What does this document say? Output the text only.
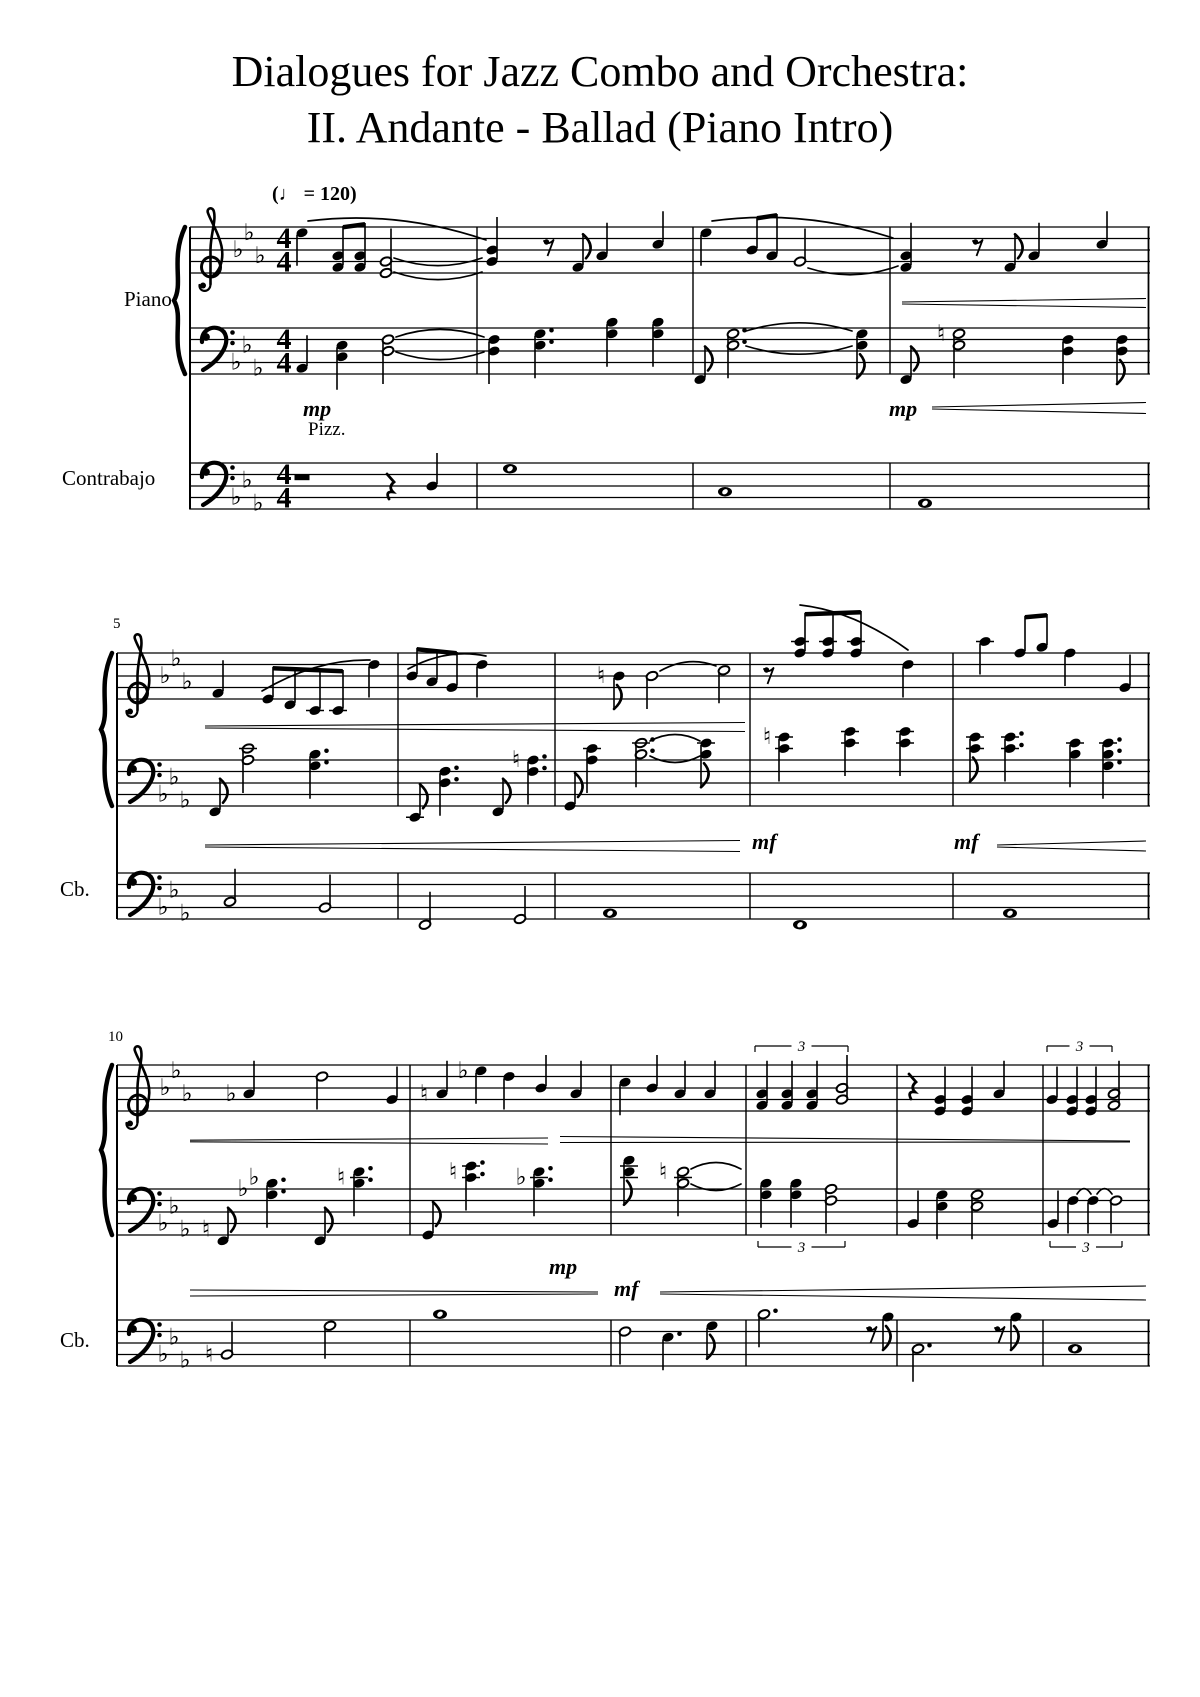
♭
♭
♭
♭
♭
♭
♭
♭
♭
4
4
4
4
4
4
♮
♭
♭
♭
♭
♭
♭
♭
♭
♭
♮
♮
♮
♭
♭
♭
♭
♭
♭
♭
♭
♭
♭	♮
♭
3	3
♮
♭ ♭	♮	♮	♭	♮
3	3
♮
Dialogues for Jazz Combo and Orchestra:
II. Andante - Ballad (Piano Intro)
(♩ = 120)
Piano
Contrabajo
Cb.
Cb.
mp
Pizz.
mp
5
mf	mf
10
mp
mf
